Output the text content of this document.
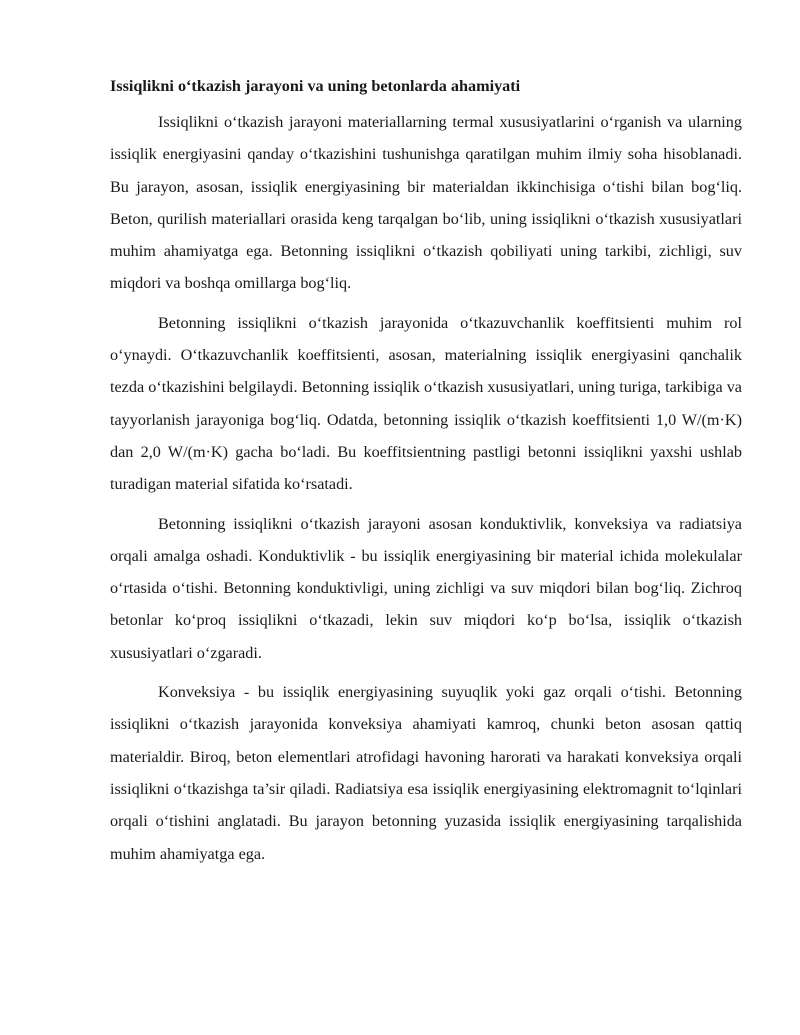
Issiqlikni o‘tkazish jarayoni va uning betonlarda ahamiyati

Issiqlikni o‘tkazish jarayoni materiallarning termal xususiyatlarini o‘rganish va ularning issiqlik energiyasini qanday o‘tkazishini tushunishga qaratilgan muhim ilmiy soha hisoblanadi. Bu jarayon, asosan, issiqlik energiyasining bir materialdan ikkinchisiga o‘tishi bilan bog‘liq. Beton, qurilish materiallari orasida keng tarqalgan bo‘lib, uning issiqlikni o‘tkazish xususiyatlari muhim ahamiyatga ega. Betonning issiqlikni o‘tkazish qobiliyati uning tarkibi, zichligi, suv miqdori va boshqa omillarga bog‘liq.

Betonning issiqlikni o‘tkazish jarayonida o‘tkazuvchanlik koeffitsienti muhim rol o‘ynaydi. O‘tkazuvchanlik koeffitsienti, asosan, materialning issiqlik energiyasini qanchalik tezda o‘tkazishini belgilaydi. Betonning issiqlik o‘tkazish xususiyatlari, uning turiga, tarkibiga va tayyorlanish jarayoniga bog‘liq. Odatda, betonning issiqlik o‘tkazish koeffitsienti 1,0 W/(m·K) dan 2,0 W/(m·K) gacha bo‘ladi. Bu koeffitsientning pastligi betonni issiqlikni yaxshi ushlab turadigan material sifatida ko‘rsatadi.

Betonning issiqlikni o‘tkazish jarayoni asosan konduktivlik, konveksiya va radiatsiya orqali amalga oshadi. Konduktivlik - bu issiqlik energiyasining bir material ichida molekulalar o‘rtasida o‘tishi. Betonning konduktivligi, uning zichligi va suv miqdori bilan bog‘liq. Zichroq betonlar ko‘proq issiqlikni o‘tkazadi, lekin suv miqdori ko‘p bo‘lsa, issiqlik o‘tkazish xususiyatlari o‘zgaradi.

Konveksiya - bu issiqlik energiyasining suyuqlik yoki gaz orqali o‘tishi. Betonning issiqlikni o‘tkazish jarayonida konveksiya ahamiyati kamroq, chunki beton asosan qattiq materialdir. Biroq, beton elementlari atrofidagi havoning harorati va harakati konveksiya orqali issiqlikni o‘tkazishga ta’sir qiladi. Radiatsiya esa issiqlik energiyasining elektromagnit to‘lqinlari orqali o‘tishini anglatadi. Bu jarayon betonning yuzasida issiqlik energiyasining tarqalishida muhim ahamiyatga ega.
